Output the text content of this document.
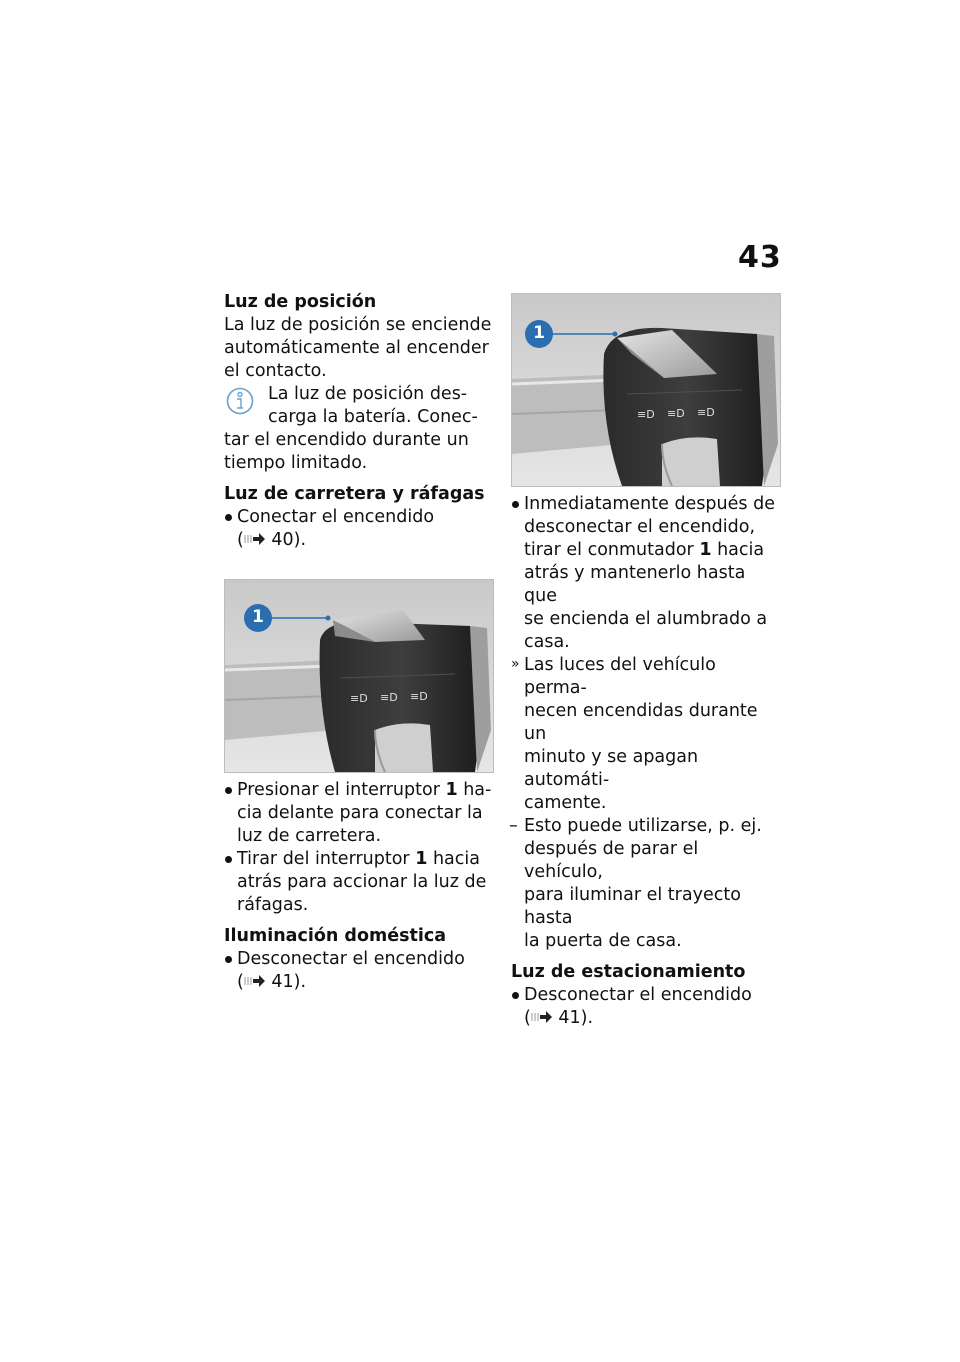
43

Luz de posición

La luz de posición se enciende
automáticamente al encender
el contacto.
La luz de posición des-
carga la batería. Conec-
tar el encendido durante un
tiempo limitado.

Luz de carretera y ráfagas

Conectar el encendido
( 40).
≡D ≡D ≡D
1
Presionar el interruptor 1 ha-
cia delante para conectar la
luz de carretera.
Tirar del interruptor 1 hacia
atrás para accionar la luz de
ráfagas.

Iluminación doméstica

Desconectar el encendido
( 41).
≡D ≡D ≡D
1
Inmediatamente después de
desconectar el encendido,
tirar el conmutador 1 hacia
atrás y mantenerlo hasta que
se encienda el alumbrado a
casa.
» Las luces del vehículo perma-
necen encendidas durante un
minuto y se apagan automáti-
camente.
– Esto puede utilizarse, p. ej.
después de parar el vehículo,
para iluminar el trayecto hasta
la puerta de casa.

Luz de estacionamiento

Desconectar el encendido
( 41).
